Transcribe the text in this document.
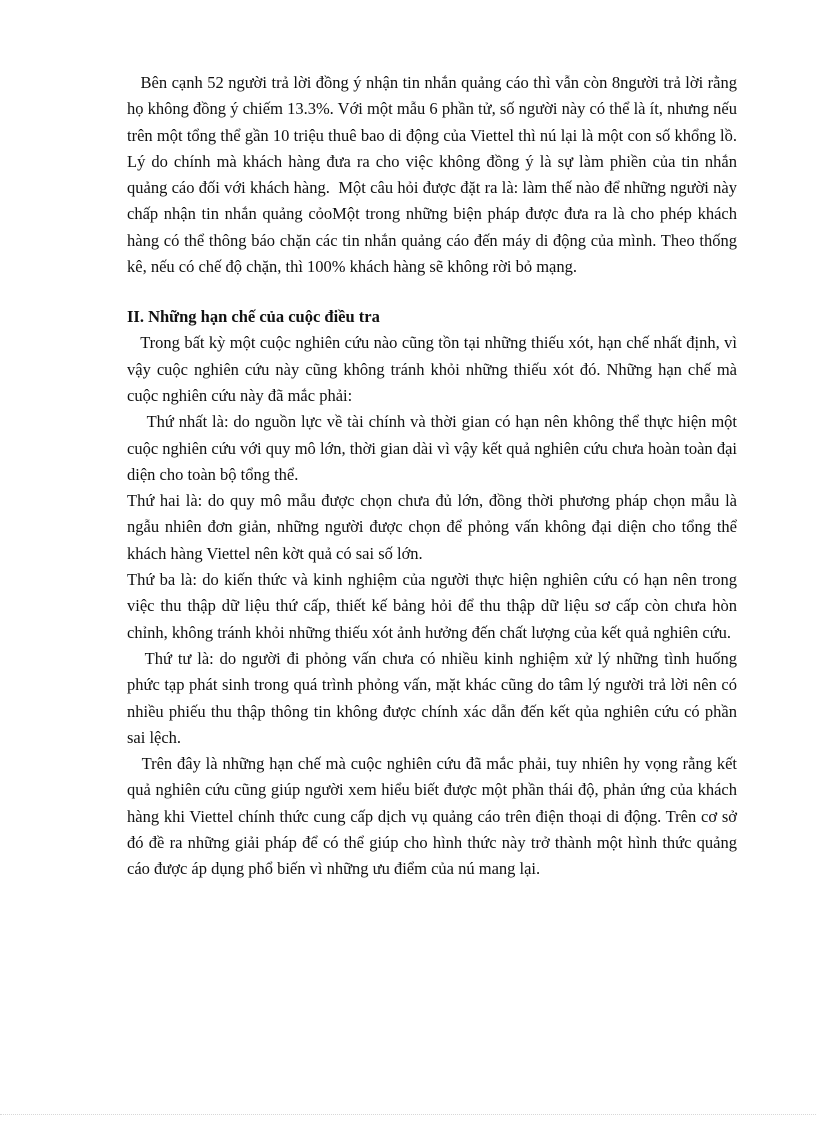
Bên cạnh 52 người trả lời đồng ý nhận tin nhắn quảng cáo thì vẫn còn 8người trả lời rằng họ không đồng ý chiếm 13.3%. Với một mẫu 6 phần tử, số người này có thể là ít, nhưng nếu trên một tổng thể gần 10 triệu thuê bao di động của Viettel thì nú lại là một con số khổng lồ. Lý do chính mà khách hàng đưa ra cho việc không đồng ý là sự làm phiền của tin nhắn quảng cáo đối với khách hàng.  Một câu hỏi được đặt ra là: làm thế nào để những người này chấp nhận tin nhắn quảng cỏoMột trong những biện pháp được đưa ra là cho phép khách hàng có thể thông báo chặn các tin nhắn quảng cáo đến máy di động của mình. Theo thống kê, nếu có chế độ chặn, thì 100% khách hàng sẽ không rời bỏ mạng.

II. Những hạn chế của cuộc điều tra

Trong bất kỳ một cuộc nghiên cứu nào cũng tồn tại những thiếu xót, hạn chế nhất định, vì vậy cuộc nghiên cứu này cũng không tránh khỏi những thiếu xót đó. Những hạn chế mà cuộc nghiên cứu này đã mắc phải:

Thứ nhất là: do nguồn lực về tài chính và thời gian có hạn nên không thể thực hiện một cuộc nghiên cứu với quy mô lớn, thời gian dài vì vậy kết quả nghiên cứu chưa hoàn toàn đại diện cho toàn bộ tổng thể.

Thứ hai là: do quy mô mẫu được chọn chưa đủ lớn, đồng thời phương pháp chọn mẫu là ngẫu nhiên đơn giản, những người được chọn để phỏng vấn không đại diện cho tổng thể khách hàng Viettel nên kờt quả có sai số lớn.

Thứ ba là: do kiến thức và kinh nghiệm của người thực hiện nghiên cứu có hạn nên trong việc thu thập dữ liệu thứ cấp, thiết kế bảng hỏi để thu thập dữ liệu sơ cấp còn chưa hòn chỉnh, không tránh khỏi những thiếu xót ảnh hưởng đến chất lượng của kết quả nghiên cứu.

Thứ tư là: do người đi phỏng vấn chưa có nhiều kinh nghiệm xử lý những tình huống phức tạp phát sinh trong quá trình phỏng vấn, mặt khác cũng do tâm lý người trả lời nên có nhiều phiếu thu thập thông tin không được chính xác dẫn đến kết qủa nghiên cứu có phần sai lệch.

Trên đây là những hạn chế mà cuộc nghiên cứu đã mắc phải, tuy nhiên hy vọng rằng kết quả nghiên cứu cũng giúp người xem hiểu biết được một phần thái độ, phản ứng của khách hàng khi Viettel chính thức cung cấp dịch vụ quảng cáo trên điện thoại di động. Trên cơ sở đó đề ra những giải pháp để có thể giúp cho hình thức này trở thành một hình thức quảng cáo được áp dụng phổ biến vì những ưu điểm của nú mang lại.
